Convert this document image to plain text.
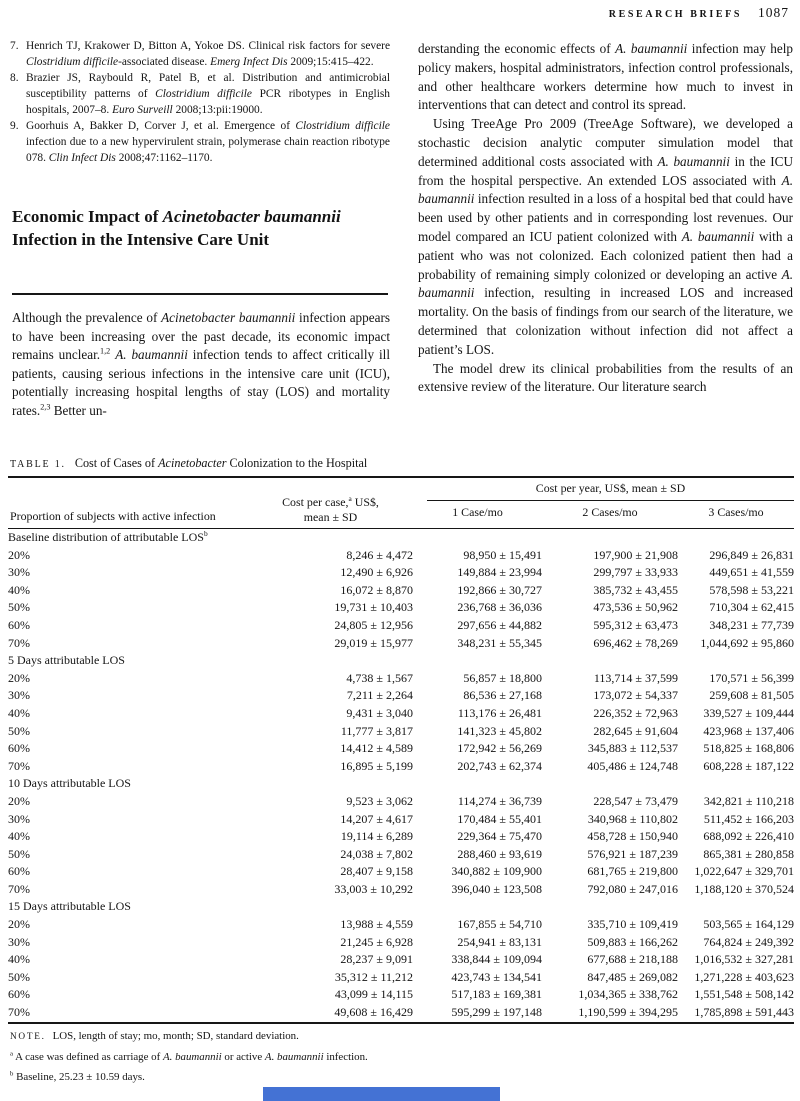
RESEARCH BRIEFS 1087
7. Henrich TJ, Krakower D, Bitton A, Yokoe DS. Clinical risk factors for severe Clostridium difficile-associated disease. Emerg Infect Dis 2009;15:415–422.
8. Brazier JS, Raybould R, Patel B, et al. Distribution and antimicrobial susceptibility patterns of Clostridium difficile PCR ribotypes in English hospitals, 2007–8. Euro Surveill 2008;13:pii:19000.
9. Goorhuis A, Bakker D, Corver J, et al. Emergence of Clostridium difficile infection due to a new hypervirulent strain, polymerase chain reaction ribotype 078. Clin Infect Dis 2008;47:1162–1170.
Economic Impact of Acinetobacter baumannii Infection in the Intensive Care Unit

Although the prevalence of Acinetobacter baumannii infection appears to have been increasing over the past decade, its economic impact remains unclear.$^{1,2}$ A. baumannii infection tends to affect critically ill patients, causing serious infections in the intensive care unit (ICU), potentially increasing hospital lengths of stay (LOS) and mortality rates.$^{2,3}$ Better un-

derstanding the economic effects of A. baumannii infection may help policy makers, hospital administrators, infection control professionals, and other healthcare workers determine how much to invest in interventions that can detect and control its spread.

Using TreeAge Pro 2009 (TreeAge Software), we developed a stochastic decision analytic computer simulation model that determined additional costs associated with A. baumannii in the ICU from the hospital perspective. An extended LOS associated with A. baumannii infection resulted in a loss of a hospital bed that could have been used by other patients and in corresponding lost revenues. Our model compared an ICU patient colonized with A. baumannii with a patient who was not colonized. Each colonized patient then had a probability of remaining simply colonized or developing an active A. baumannii infection, resulting in increased LOS and increased mortality. On the basis of findings from our search of the literature, we determined that colonization without infection did not affect a patient’s LOS.

The model drew its clinical probabilities from the results of an extensive review of the literature. Our literature search

TABLE 1. Cost of Cases of Acinetobacter Colonization to the Hospital

Proportion of subjects with active infection
Cost per case,$^a$ US$,
mean ± SD
Cost per year, US$, mean ± SD
1 Case/mo	2 Cases/mo	3 Cases/mo
Baseline distribution of attributable LOS$^b$
20%	8,246 ± 4,472	98,950 ± 15,491	197,900 ± 21,908	296,849 ± 26,831
30%	12,490 ± 6,926	149,884 ± 23,994	299,797 ± 33,933	449,651 ± 41,559
40%	16,072 ± 8,870	192,866 ± 30,727	385,732 ± 43,455	578,598 ± 53,221
50%	19,731 ± 10,403	236,768 ± 36,036	473,536 ± 50,962	710,304 ± 62,415
60%	24,805 ± 12,956	297,656 ± 44,882	595,312 ± 63,473	348,231 ± 77,739
70%	29,019 ± 15,977	348,231 ± 55,345	696,462 ± 78,269	1,044,692 ± 95,860
5 Days attributable LOS				
20%	4,738 ± 1,567	56,857 ± 18,800	113,714 ± 37,599	170,571 ± 56,399
30%	7,211 ± 2,264	86,536 ± 27,168	173,072 ± 54,337	259,608 ± 81,505
40%	9,431 ± 3,040	113,176 ± 26,481	226,352 ± 72,963	339,527 ± 109,444
50%	11,777 ± 3,817	141,323 ± 45,802	282,645 ± 91,604	423,968 ± 137,406
60%	14,412 ± 4,589	172,942 ± 56,269	345,883 ± 112,537	518,825 ± 168,806
70%	16,895 ± 5,199	202,743 ± 62,374	405,486 ± 124,748	608,228 ± 187,122
10 Days attributable LOS				
20%	9,523 ± 3,062	114,274 ± 36,739	228,547 ± 73,479	342,821 ± 110,218
30%	14,207 ± 4,617	170,484 ± 55,401	340,968 ± 110,802	511,452 ± 166,203
40%	19,114 ± 6,289	229,364 ± 75,470	458,728 ± 150,940	688,092 ± 226,410
50%	24,038 ± 7,802	288,460 ± 93,619	576,921 ± 187,239	865,381 ± 280,858
60%	28,407 ± 9,158	340,882 ± 109,900	681,765 ± 219,800	1,022,647 ± 329,701
70%	33,003 ± 10,292	396,040 ± 123,508	792,080 ± 247,016	1,188,120 ± 370,524
15 Days attributable LOS				
20%	13,988 ± 4,559	167,855 ± 54,710	335,710 ± 109,419	503,565 ± 164,129
30%	21,245 ± 6,928	254,941 ± 83,131	509,883 ± 166,262	764,824 ± 249,392
40%	28,237 ± 9,091	338,844 ± 109,094	677,688 ± 218,188	1,016,532 ± 327,281
50%	35,312 ± 11,212	423,743 ± 134,541	847,485 ± 269,082	1,271,228 ± 403,623
60%	43,099 ± 14,115	517,183 ± 169,381	1,034,365 ± 338,762	1,551,548 ± 508,142
70%	49,608 ± 16,429	595,299 ± 197,148	1,190,599 ± 394,295	1,785,898 ± 591,443
NOTE. LOS, length of stay; mo, month; SD, standard deviation.
$^a$ A case was defined as carriage of A. baumannii or active A. baumannii infection.
$^b$ Baseline, 25.23 ± 10.59 days.
